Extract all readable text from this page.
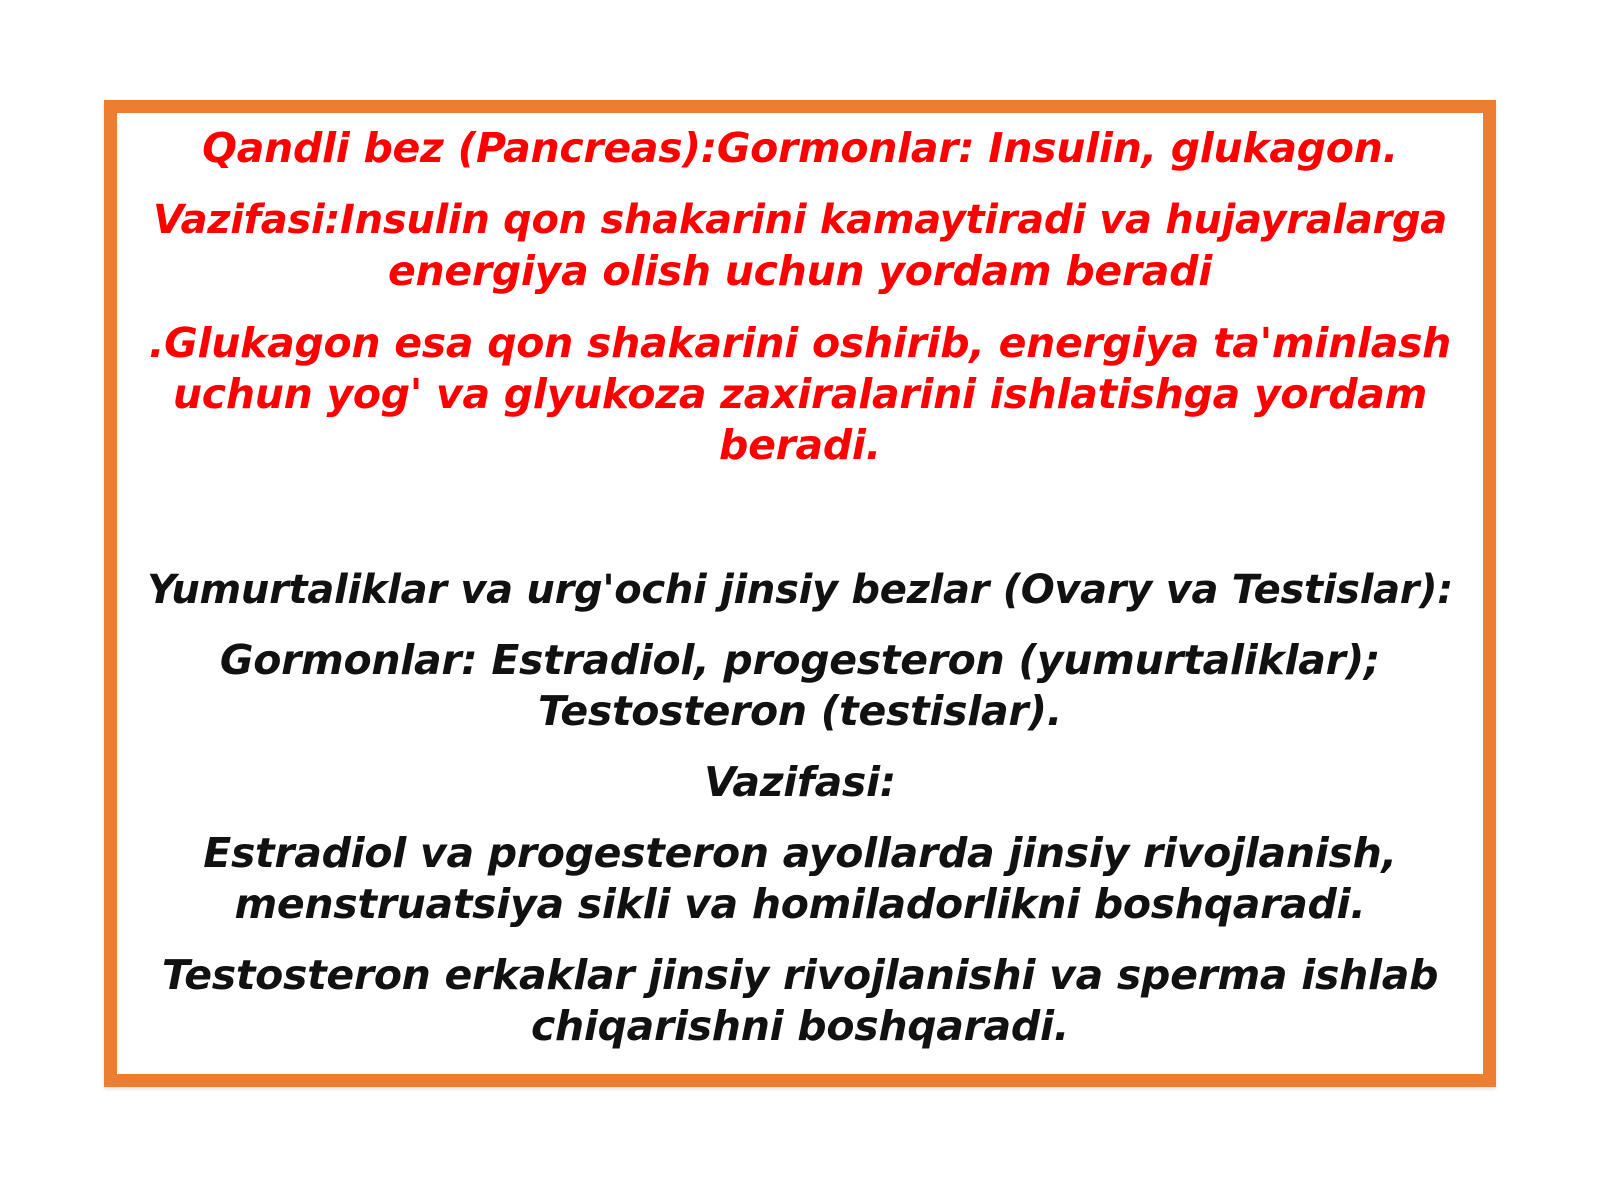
Qandli bez (Pancreas):Gormonlar: Insulin, glukagon.

Vazifasi:Insulin qon shakarini kamaytiradi va hujayralarga
energiya olish uchun yordam beradi

.Glukagon esa qon shakarini oshirib, energiya ta'minlash
uchun yog' va glyukoza zaxiralarini ishlatishga yordam
beradi.

Yumurtaliklar va urg'ochi jinsiy bezlar (Ovary va Testislar):

Gormonlar: Estradiol, progesteron (yumurtaliklar);
Testosteron (testislar).

Vazifasi:

Estradiol va progesteron ayollarda jinsiy rivojlanish,
menstruatsiya sikli va homiladorlikni boshqaradi.

Testosteron erkaklar jinsiy rivojlanishi va sperma ishlab
chiqarishni boshqaradi.
